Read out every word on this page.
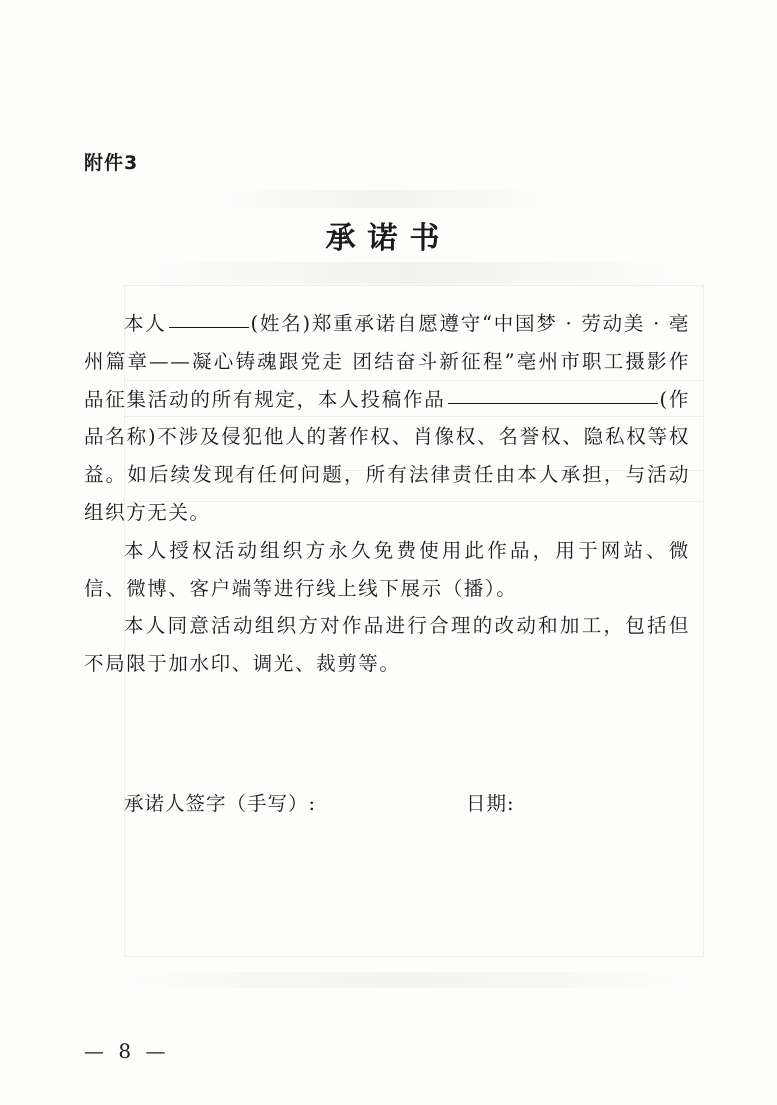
附件3
承诺书

本人	(姓名)郑重承诺自愿遵守“中国梦 · 劳动美 · 亳州篇章——凝心铸魂跟党走 团结奋斗新征程”亳州市职工摄影作品征集活动的所有规定，本人投稿作品	(作品名称)不涉及侵犯他人的著作权、肖像权、名誉权、隐私权等权益。如后续发现有任何问题，所有法律责任由本人承担，与活动组织方无关。

本人授权活动组织方永久免费使用此作品，用于网站、微信、微博、客户端等进行线上线下展示（播）。

本人同意活动组织方对作品进行合理的改动和加工，包括但不局限于加水印、调光、裁剪等。

承诺人签字（手写）:	日期:
— 8 —
